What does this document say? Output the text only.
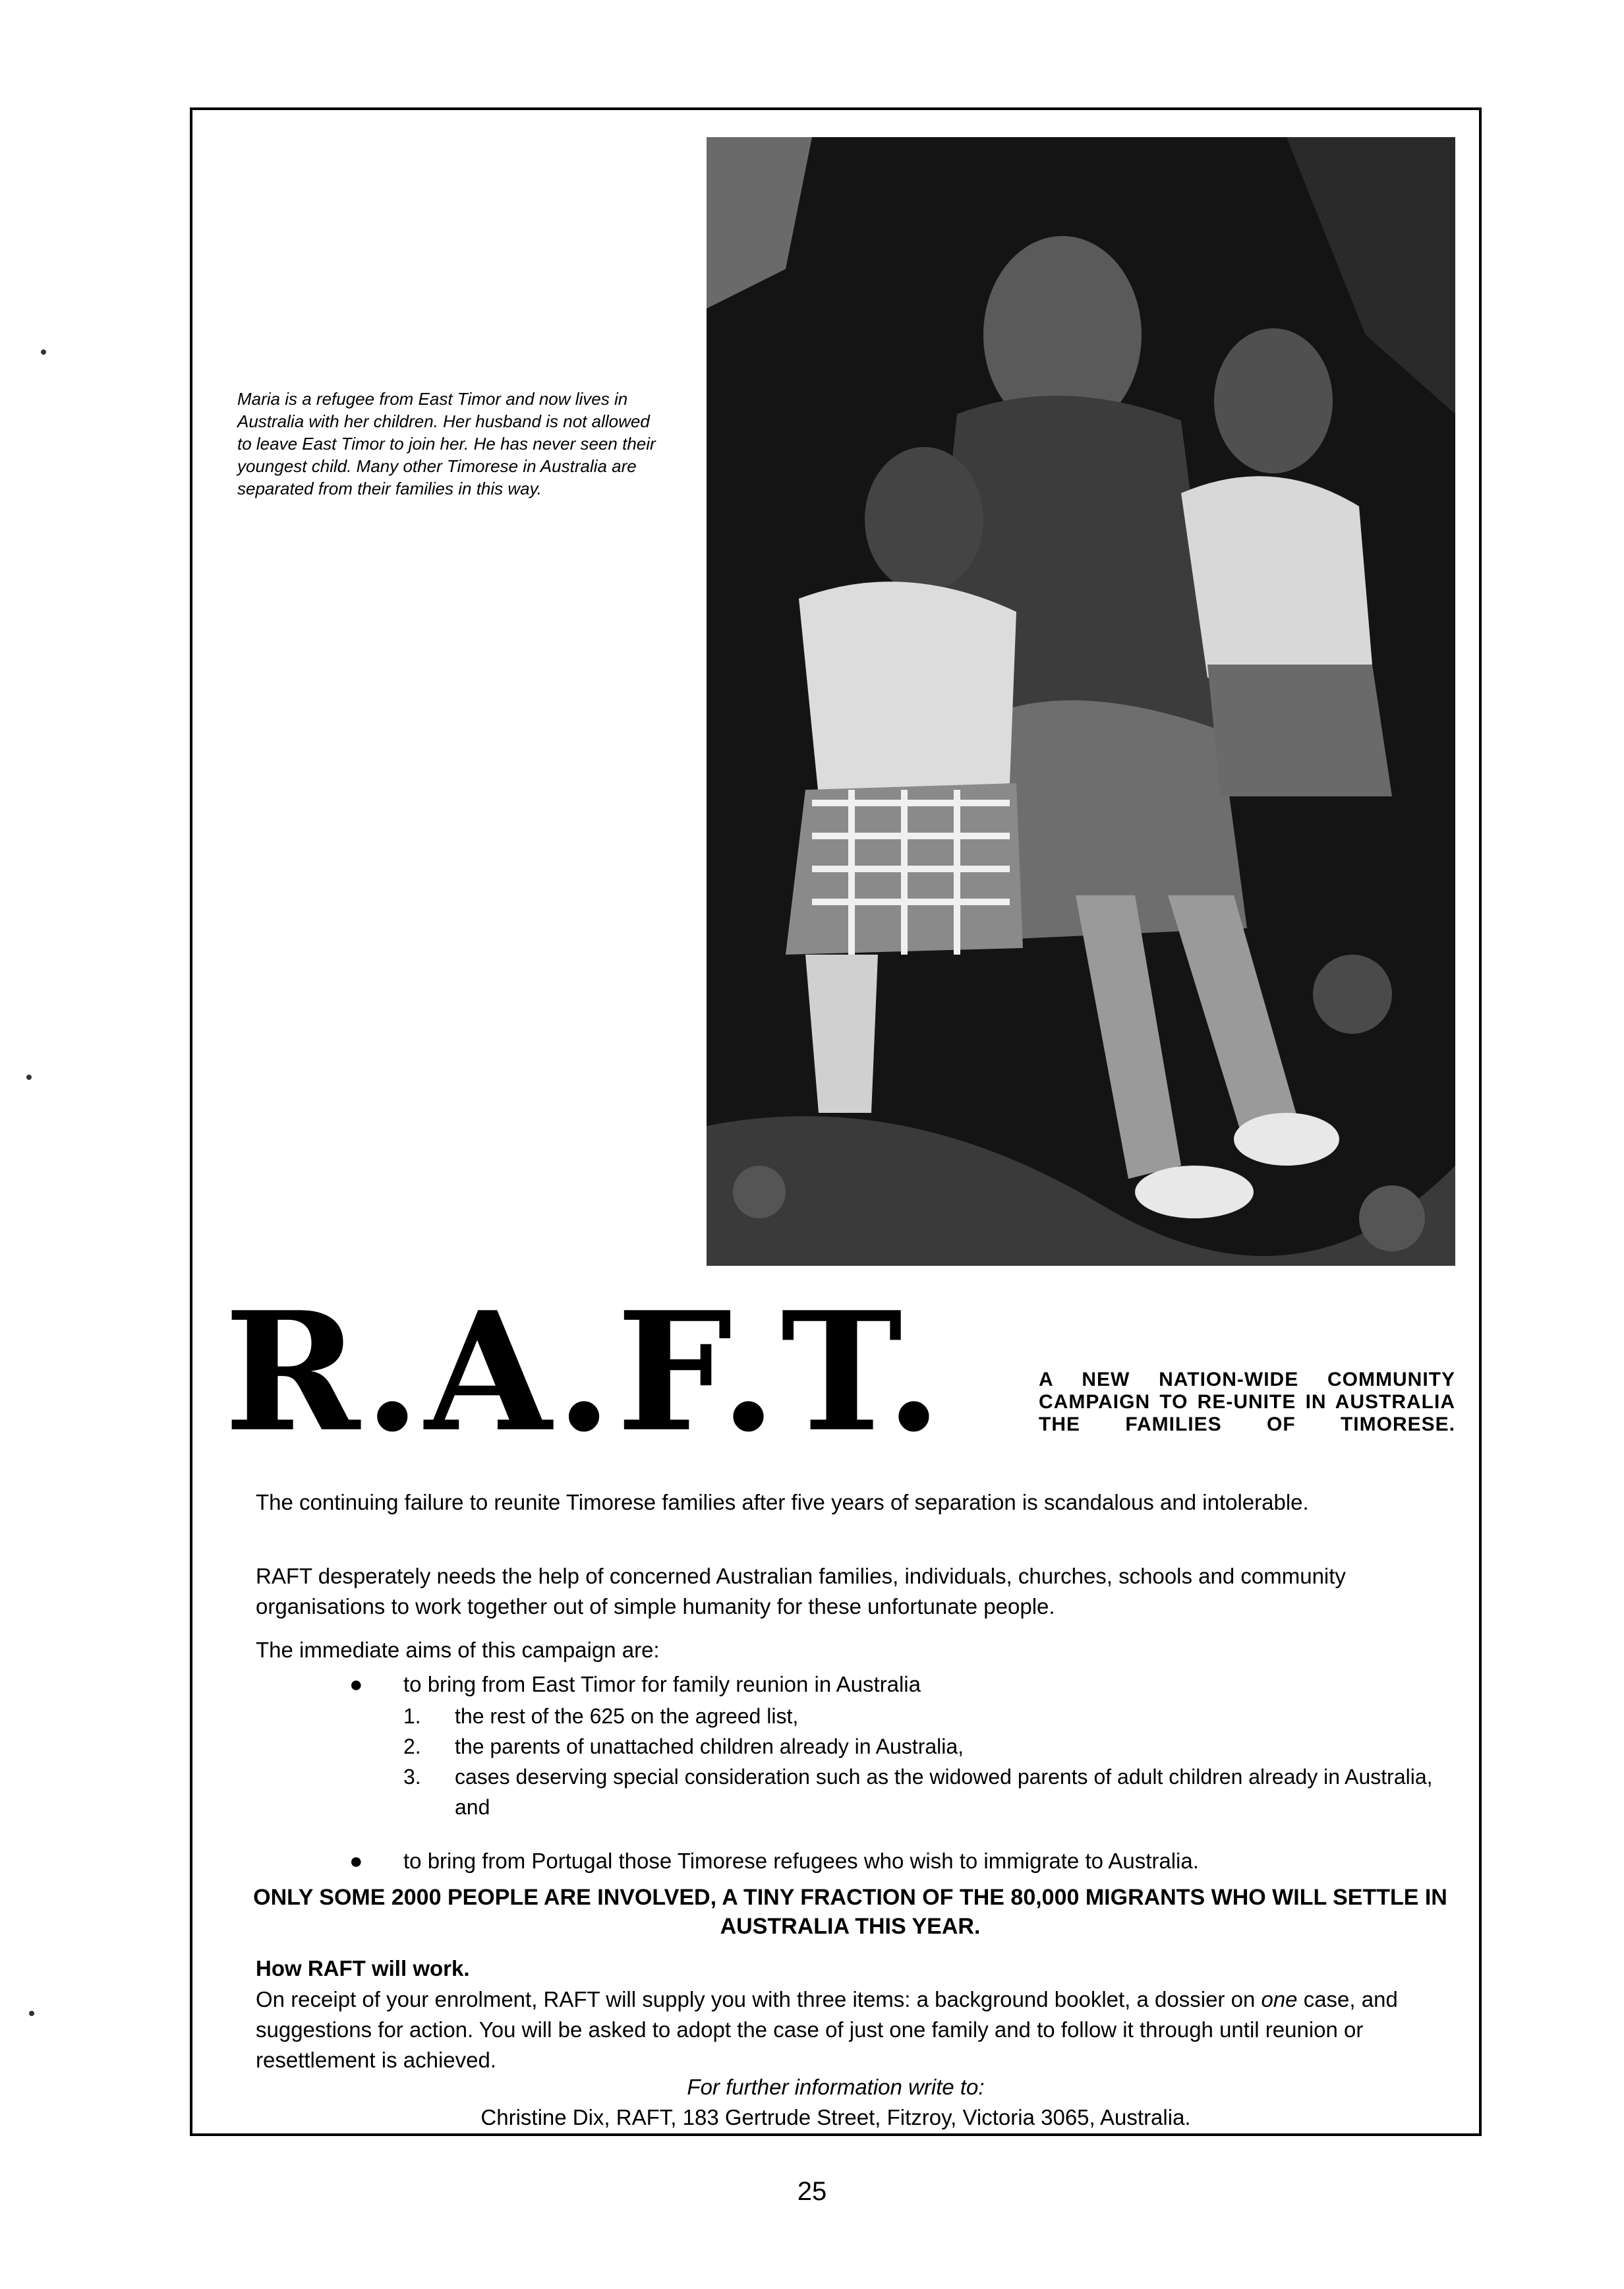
Maria is a refugee from East Timor and now lives in Australia with her children. Her husband is not allowed to leave East Timor to join her. He has never seen their youngest child. Many other Timorese in Australia are separated from their families in this way.
R.A.F.T.	A NEW NATION-WIDE COMMUNITY CAMPAIGN TO RE-UNITE IN AUSTRALIA THE FAMILIES OF TIMORESE.
The continuing failure to reunite Timorese families after five years of separation is scandalous and intolerable.
RAFT desperately needs the help of concerned Australian families, individuals, churches, schools and community organisations to work together out of simple humanity for these unfortunate people.
The immediate aims of this campaign are:
● to bring from East Timor for family reunion in Australia
1. the rest of the 625 on the agreed list,
2. the parents of unattached children already in Australia,
3. cases deserving special consideration such as the widowed parents of adult children already in Australia, and
● to bring from Portugal those Timorese refugees who wish to immigrate to Australia.
ONLY SOME 2000 PEOPLE ARE INVOLVED, A TINY FRACTION OF THE 80,000 MIGRANTS WHO WILL SETTLE IN AUSTRALIA THIS YEAR.
How RAFT will work.
On receipt of your enrolment, RAFT will supply you with three items: a background booklet, a dossier on one case, and suggestions for action. You will be asked to adopt the case of just one family and to follow it through until reunion or resettlement is achieved.
For further information write to:
Christine Dix, RAFT, 183 Gertrude Street, Fitzroy, Victoria 3065, Australia.
25
